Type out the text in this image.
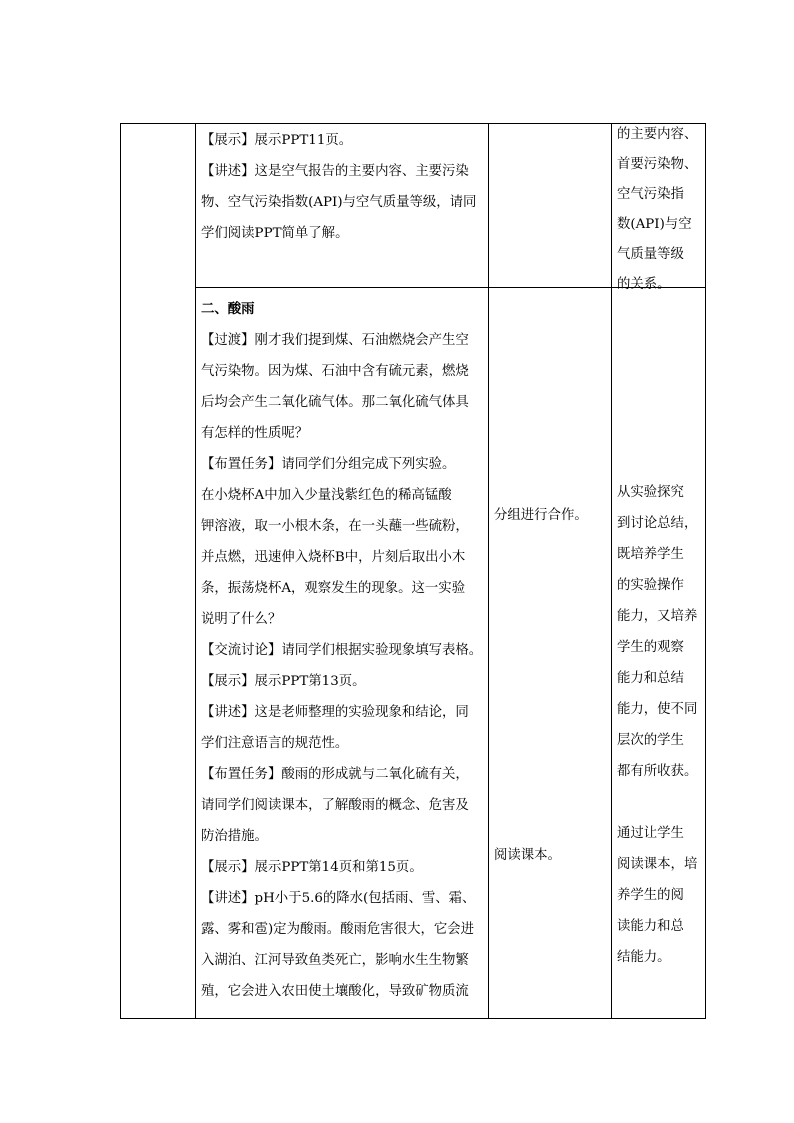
【展示】展示PPT11页。
【讲述】这是空气报告的主要内容、主要污染
物、空气污染指数(API)与空气质量等级，请同
学们阅读PPT简单了解。
的主要内容、
首要污染物、
空气污染指
数(API)与空
气质量等级
的关系。
二、酸雨
【过渡】刚才我们提到煤、石油燃烧会产生空
气污染物。因为煤、石油中含有硫元素，燃烧
后均会产生二氧化硫气体。那二氧化硫气体具
有怎样的性质呢？
【布置任务】请同学们分组完成下列实验。
在小烧杯A中加入少量浅紫红色的稀高锰酸
钾溶液，取一小根木条，在一头蘸一些硫粉，
并点燃，迅速伸入烧杯B中，片刻后取出小木
条，振荡烧杯A，观察发生的现象。这一实验
说明了什么？
【交流讨论】请同学们根据实验现象填写表格。
【展示】展示PPT第13页。
【讲述】这是老师整理的实验现象和结论，同
学们注意语言的规范性。
【布置任务】酸雨的形成就与二氧化硫有关，
请同学们阅读课本，了解酸雨的概念、危害及
防治措施。
【展示】展示PPT第14页和第15页。
【讲述】pH小于5.6的降水(包括雨、雪、霜、
露、雾和雹)定为酸雨。酸雨危害很大，它会进
入湖泊、江河导致鱼类死亡，影响水生生物繁
殖，它会进入农田使土壤酸化，导致矿物质流
分组进行合作。
阅读课本。
从实验探究
到讨论总结，
既培养学生
的实验操作
能力，又培养
学生的观察
能力和总结
能力，使不同
层次的学生
都有所收获。
通过让学生
阅读课本，培
养学生的阅
读能力和总
结能力。
